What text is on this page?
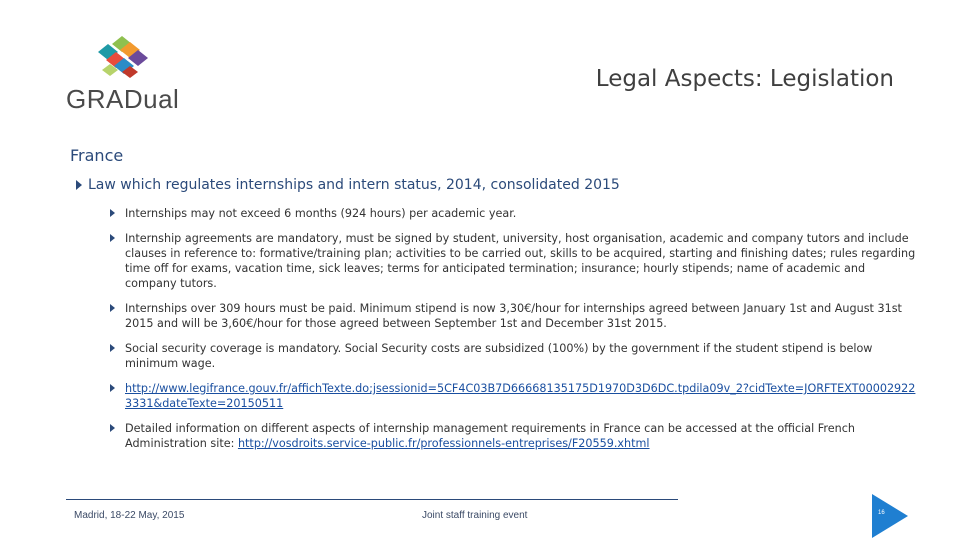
GRADual
Legal Aspects: Legislation
France
Law which regulates internships and intern status, 2014, consolidated 2015
Internships may not exceed 6 months (924 hours) per academic year.
Internship agreements are mandatory, must be signed by student, university, host organisation, academic and company tutors and include clauses in reference to: formative/training plan; activities to be carried out, skills to be acquired, starting and finishing dates; rules regarding time off for exams, vacation time, sick leaves; terms for anticipated termination; insurance; hourly stipends; name of academic and company tutors.
Internships over 309 hours must be paid. Minimum stipend is now 3,30€/hour for internships agreed between January 1st and August 31st 2015 and will be 3,60€/hour for those agreed between September 1st and December 31st 2015.
Social security coverage is mandatory. Social Security costs are subsidized (100%) by the government if the student stipend is below minimum wage.
http://www.legifrance.gouv.fr/affichTexte.do;jsessionid=5CF4C03B7D66668135175D1970D3D6DC.tpdila09v_2?cidTexte=JORFTEXT000029223331&dateTexte=20150511
Detailed information on different aspects of internship management requirements in France can be accessed at the official French Administration site: http://vosdroits.service-public.fr/professionnels-entreprises/F20559.xhtml
Madrid, 18-22 May, 2015	Joint staff training event	16
